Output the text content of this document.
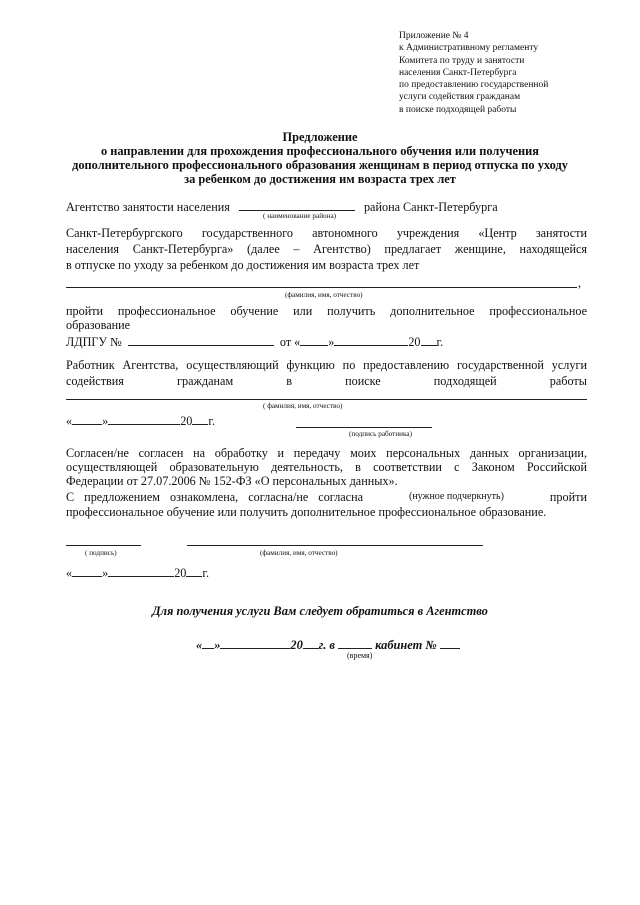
Приложение № 4
к Административному регламенту
Комитета по труду и занятости
населения Санкт-Петербурга
по предоставлению государственной
услуги содействия гражданам
в поиске подходящей работы
Предложение
о направлении для прохождения профессионального обучения или получения
дополнительного профессионального образования женщинам в период отпуска по уходу
за ребенком до достижения им возраста трех лет
Агентство занятости населения	района Санкт-Петербурга
( наименование района)
Санкт-Петербургского государственного автономного учреждения «Центр занятости
населения Санкт-Петербурга» (далее – Агентство) предлагает женщине, находящейся
в отпуске по уходу за ребенком до достижения им возраста трех лет
,
(фамилия, имя, отчество)
пройти профессиональное обучение или получить дополнительное профессиональное
образование
ЛДПГУ №	от « »	20 г.
Работник Агентства, осуществляющий функцию по предоставлению государственной услуги
содействия	гражданам	в	поиске	подходящей	работы
( фамилия, имя, отчество)
« »	20 г.
(подпись работника)
Согласен/не согласен на обработку и передачу моих персональных данных организации,
осуществляющей образовательную деятельность, в соответствии с Законом Российской
Федерации от 27.07.2006 № 152-ФЗ «О персональных данных».
С предложением ознакомлена, согласна/не согласна	(нужное подчеркнуть)	пройти
профессиональное обучение или получить дополнительное профессиональное образование.
( подпись)	(фамилия, имя, отчество)
« »	20 г.
Для получения услуги Вам следует обратиться в Агентство
« »	20 г. в	кабинет №
(время)
